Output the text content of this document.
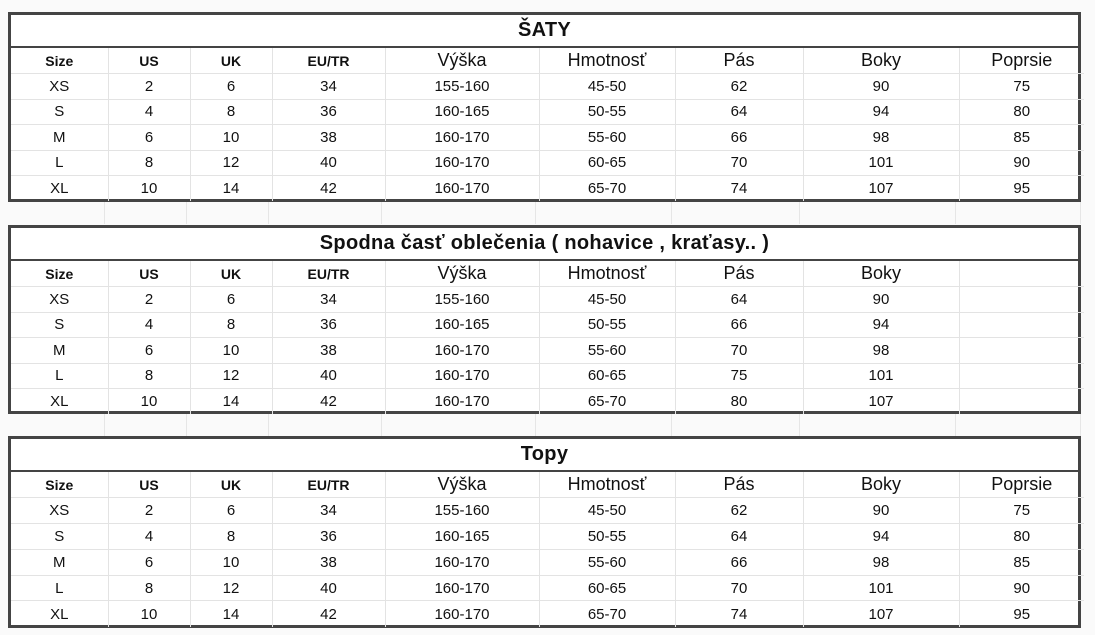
ŠATY
Size	US	UK	EU/TR	Výška	Hmotnosť	Pás	Boky	Poprsie
XS	2	6	34	155-160	45-50	62	90	75
S	4	8	36	160-165	50-55	64	94	80
M	6	10	38	160-170	55-60	66	98	85
L	8	12	40	160-170	60-65	70	101	90
XL	10	14	42	160-170	65-70	74	107	95
Spodna časť oblečenia ( nohavice , kraťasy.. )
Size	US	UK	EU/TR	Výška	Hmotnosť	Pás	Boky	
XS	2	6	34	155-160	45-50	64	90	
S	4	8	36	160-165	50-55	66	94	
M	6	10	38	160-170	55-60	70	98	
L	8	12	40	160-170	60-65	75	101	
XL	10	14	42	160-170	65-70	80	107	
Topy
Size	US	UK	EU/TR	Výška	Hmotnosť	Pás	Boky	Poprsie
XS	2	6	34	155-160	45-50	62	90	75
S	4	8	36	160-165	50-55	64	94	80
M	6	10	38	160-170	55-60	66	98	85
L	8	12	40	160-170	60-65	70	101	90
XL	10	14	42	160-170	65-70	74	107	95
